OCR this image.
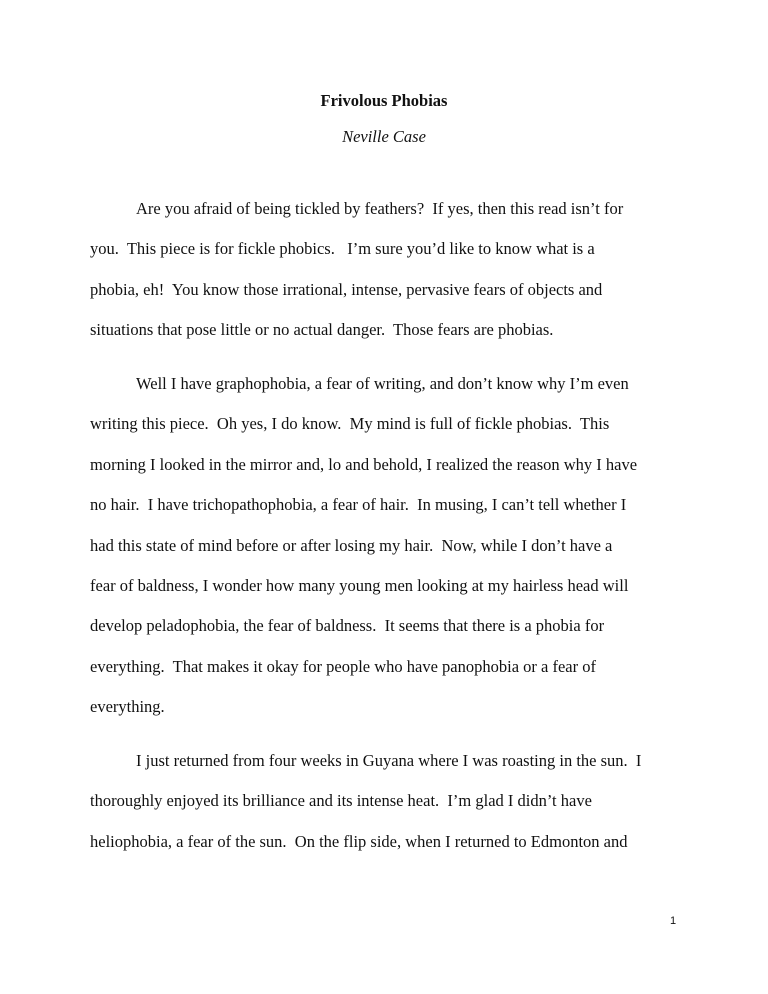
Frivolous Phobias
Neville Case
Are you afraid of being tickled by feathers?  If yes, then this read isn’t for
you.  This piece is for fickle phobics.   I’m sure you’d like to know what is a
phobia, eh!  You know those irrational, intense, pervasive fears of objects and
situations that pose little or no actual danger.  Those fears are phobias.
Well I have graphophobia, a fear of writing, and don’t know why I’m even
writing this piece.  Oh yes, I do know.  My mind is full of fickle phobias.  This
morning I looked in the mirror and, lo and behold, I realized the reason why I have
no hair.  I have trichopathophobia, a fear of hair.  In musing, I can’t tell whether I
had this state of mind before or after losing my hair.  Now, while I don’t have a
fear of baldness, I wonder how many young men looking at my hairless head will
develop peladophobia, the fear of baldness.  It seems that there is a phobia for
everything.  That makes it okay for people who have panophobia or a fear of
everything.
I just returned from four weeks in Guyana where I was roasting in the sun.  I
thoroughly enjoyed its brilliance and its intense heat.  I’m glad I didn’t have
heliophobia, a fear of the sun.  On the flip side, when I returned to Edmonton and
1
